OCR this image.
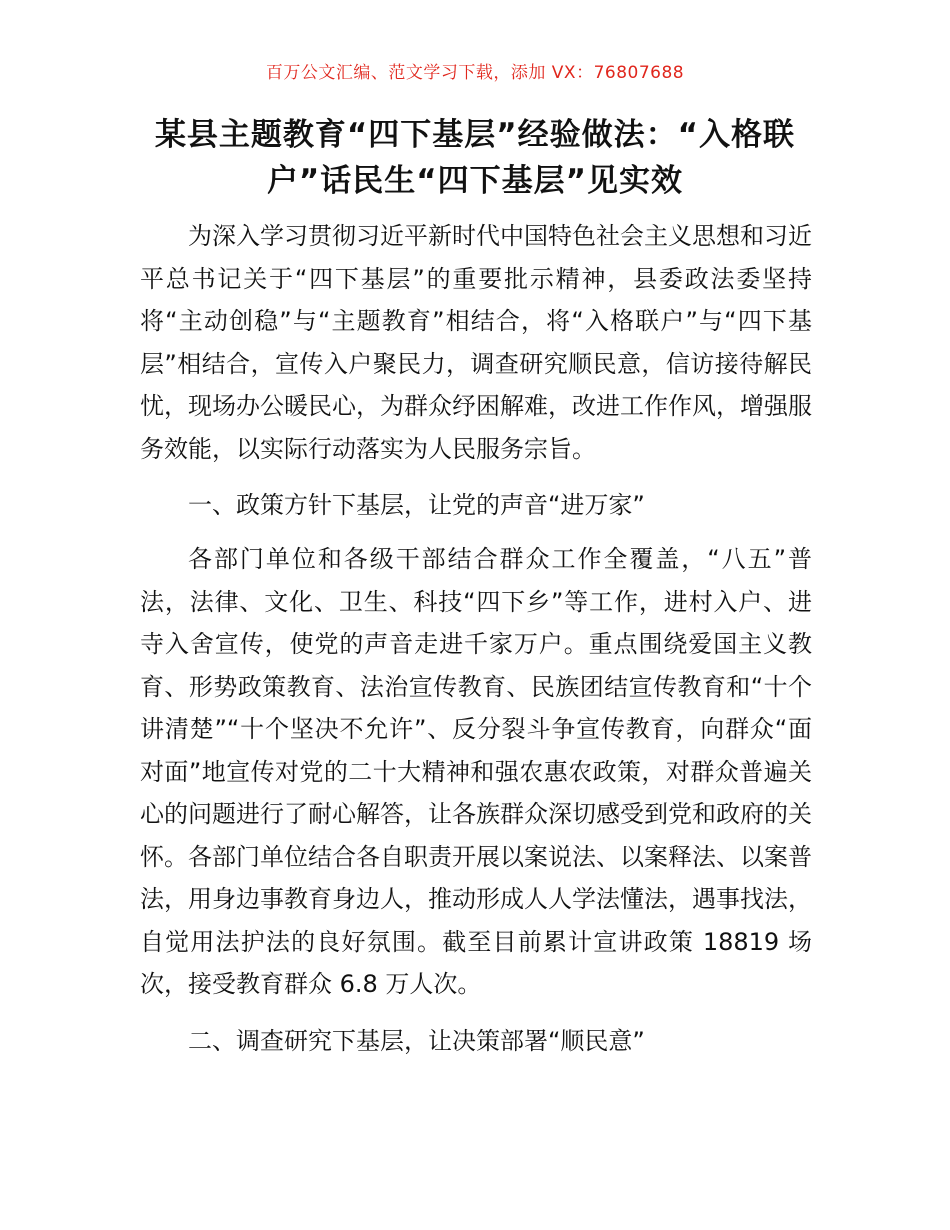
百万公文汇编、范文学习下载，添加 VX：76807688
某县主题教育“四下基层”经验做法：“入格联户”话民生“四下基层”见实效

为深入学习贯彻习近平新时代中国特色社会主义思想和习近平总书记关于“四下基层”的重要批示精神，县委政法委坚持将“主动创稳”与“主题教育”相结合，将“入格联户”与“四下基层”相结合，宣传入户聚民力，调查研究顺民意，信访接待解民忧，现场办公暖民心，为群众纾困解难，改进工作作风，增强服务效能，以实际行动落实为人民服务宗旨。

一、政策方针下基层，让党的声音“进万家”

各部门单位和各级干部结合群众工作全覆盖，“八五”普法，法律、文化、卫生、科技“四下乡”等工作，进村入户、进寺入舍宣传，使党的声音走进千家万户。重点围绕爱国主义教育、形势政策教育、法治宣传教育、民族团结宣传教育和“十个讲清楚”“十个坚决不允许”、反分裂斗争宣传教育，向群众“面对面”地宣传对党的二十大精神和强农惠农政策，对群众普遍关心的问题进行了耐心解答，让各族群众深切感受到党和政府的关怀。各部门单位结合各自职责开展以案说法、以案释法、以案普法，用身边事教育身边人，推动形成人人学法懂法，遇事找法，自觉用法护法的良好氛围。截至目前累计宣讲政策 18819 场次，接受教育群众 6.8 万人次。

二、调查研究下基层，让决策部署“顺民意”
